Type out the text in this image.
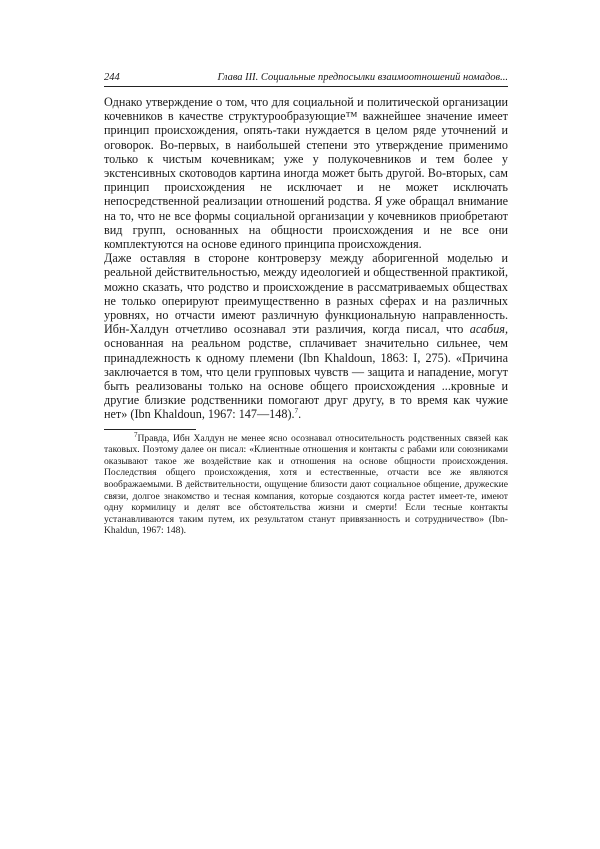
244	Глава III. Социальные предпосылки взаимоотношений номадов...

Однако утверждение о том, что для социальной и политической организации кочевников в качестве структурообразующие™ важнейшее значение имеет принцип происхождения, опять-таки нуждается в целом ряде уточнений и оговорок. Во-первых, в наибольшей степени это утверждение применимо только к чистым кочевникам; уже у полукочевников и тем более у экстенсивных скотоводов картина иногда может быть другой. Во-вторых, сам принцип происхождения не исключает и не может исключать непосредственной реализации отношений родства. Я уже обращал внимание на то, что не все формы социальной организации у кочевников приобретают вид групп, основанных на общности происхождения и не все они комплектуются на основе единого принципа происхождения.

Даже оставляя в стороне контроверзу между аборигенной моделью и реальной действительностью, между идеологией и общественной практикой, можно сказать, что родство и происхождение в рассматриваемых обществах не только оперируют преимущественно в разных сферах и на различных уровнях, но отчасти имеют различную функциональную направленность. Ибн-Халдун отчетливо осознавал эти различия, когда писал, что асабия, основанная на реальном родстве, сплачивает значительно сильнее, чем принадлежность к одному племени (Ibn Khaldoun, 1863: I, 275). «Причина заключается в том, что цели групповых чувств — защита и нападение, могут быть реализованы только на основе общего происхождения ...кровные и другие близкие родственники помогают друг другу, в то время как чужие нет» (Ibn Khaldoun, 1967: 147—148).$^7$.

$^7$Правда, Ибн Халдун не менее ясно осознавал относительность родственных связей как таковых. Поэтому далее он писал: «Клиентные отношения и контакты с рабами или союзниками оказывают такое же воздействие как и отношения на основе общности происхождения. Последствия общего происхождения, хотя и естественные, отчасти все же являются воображаемыми. В действительности, ощущение близости дают социальное общение, дружеские связи, долгое знакомство и тесная компания, которые создаются когда растет имеет-те, имеют одну кормилицу и делят все обстоятельства жизни и смерти! Если тесные контакты устанавливаются таким путем, их результатом станут привязанность и сотрудничество» (Ibn-Khaldun, 1967: 148).
